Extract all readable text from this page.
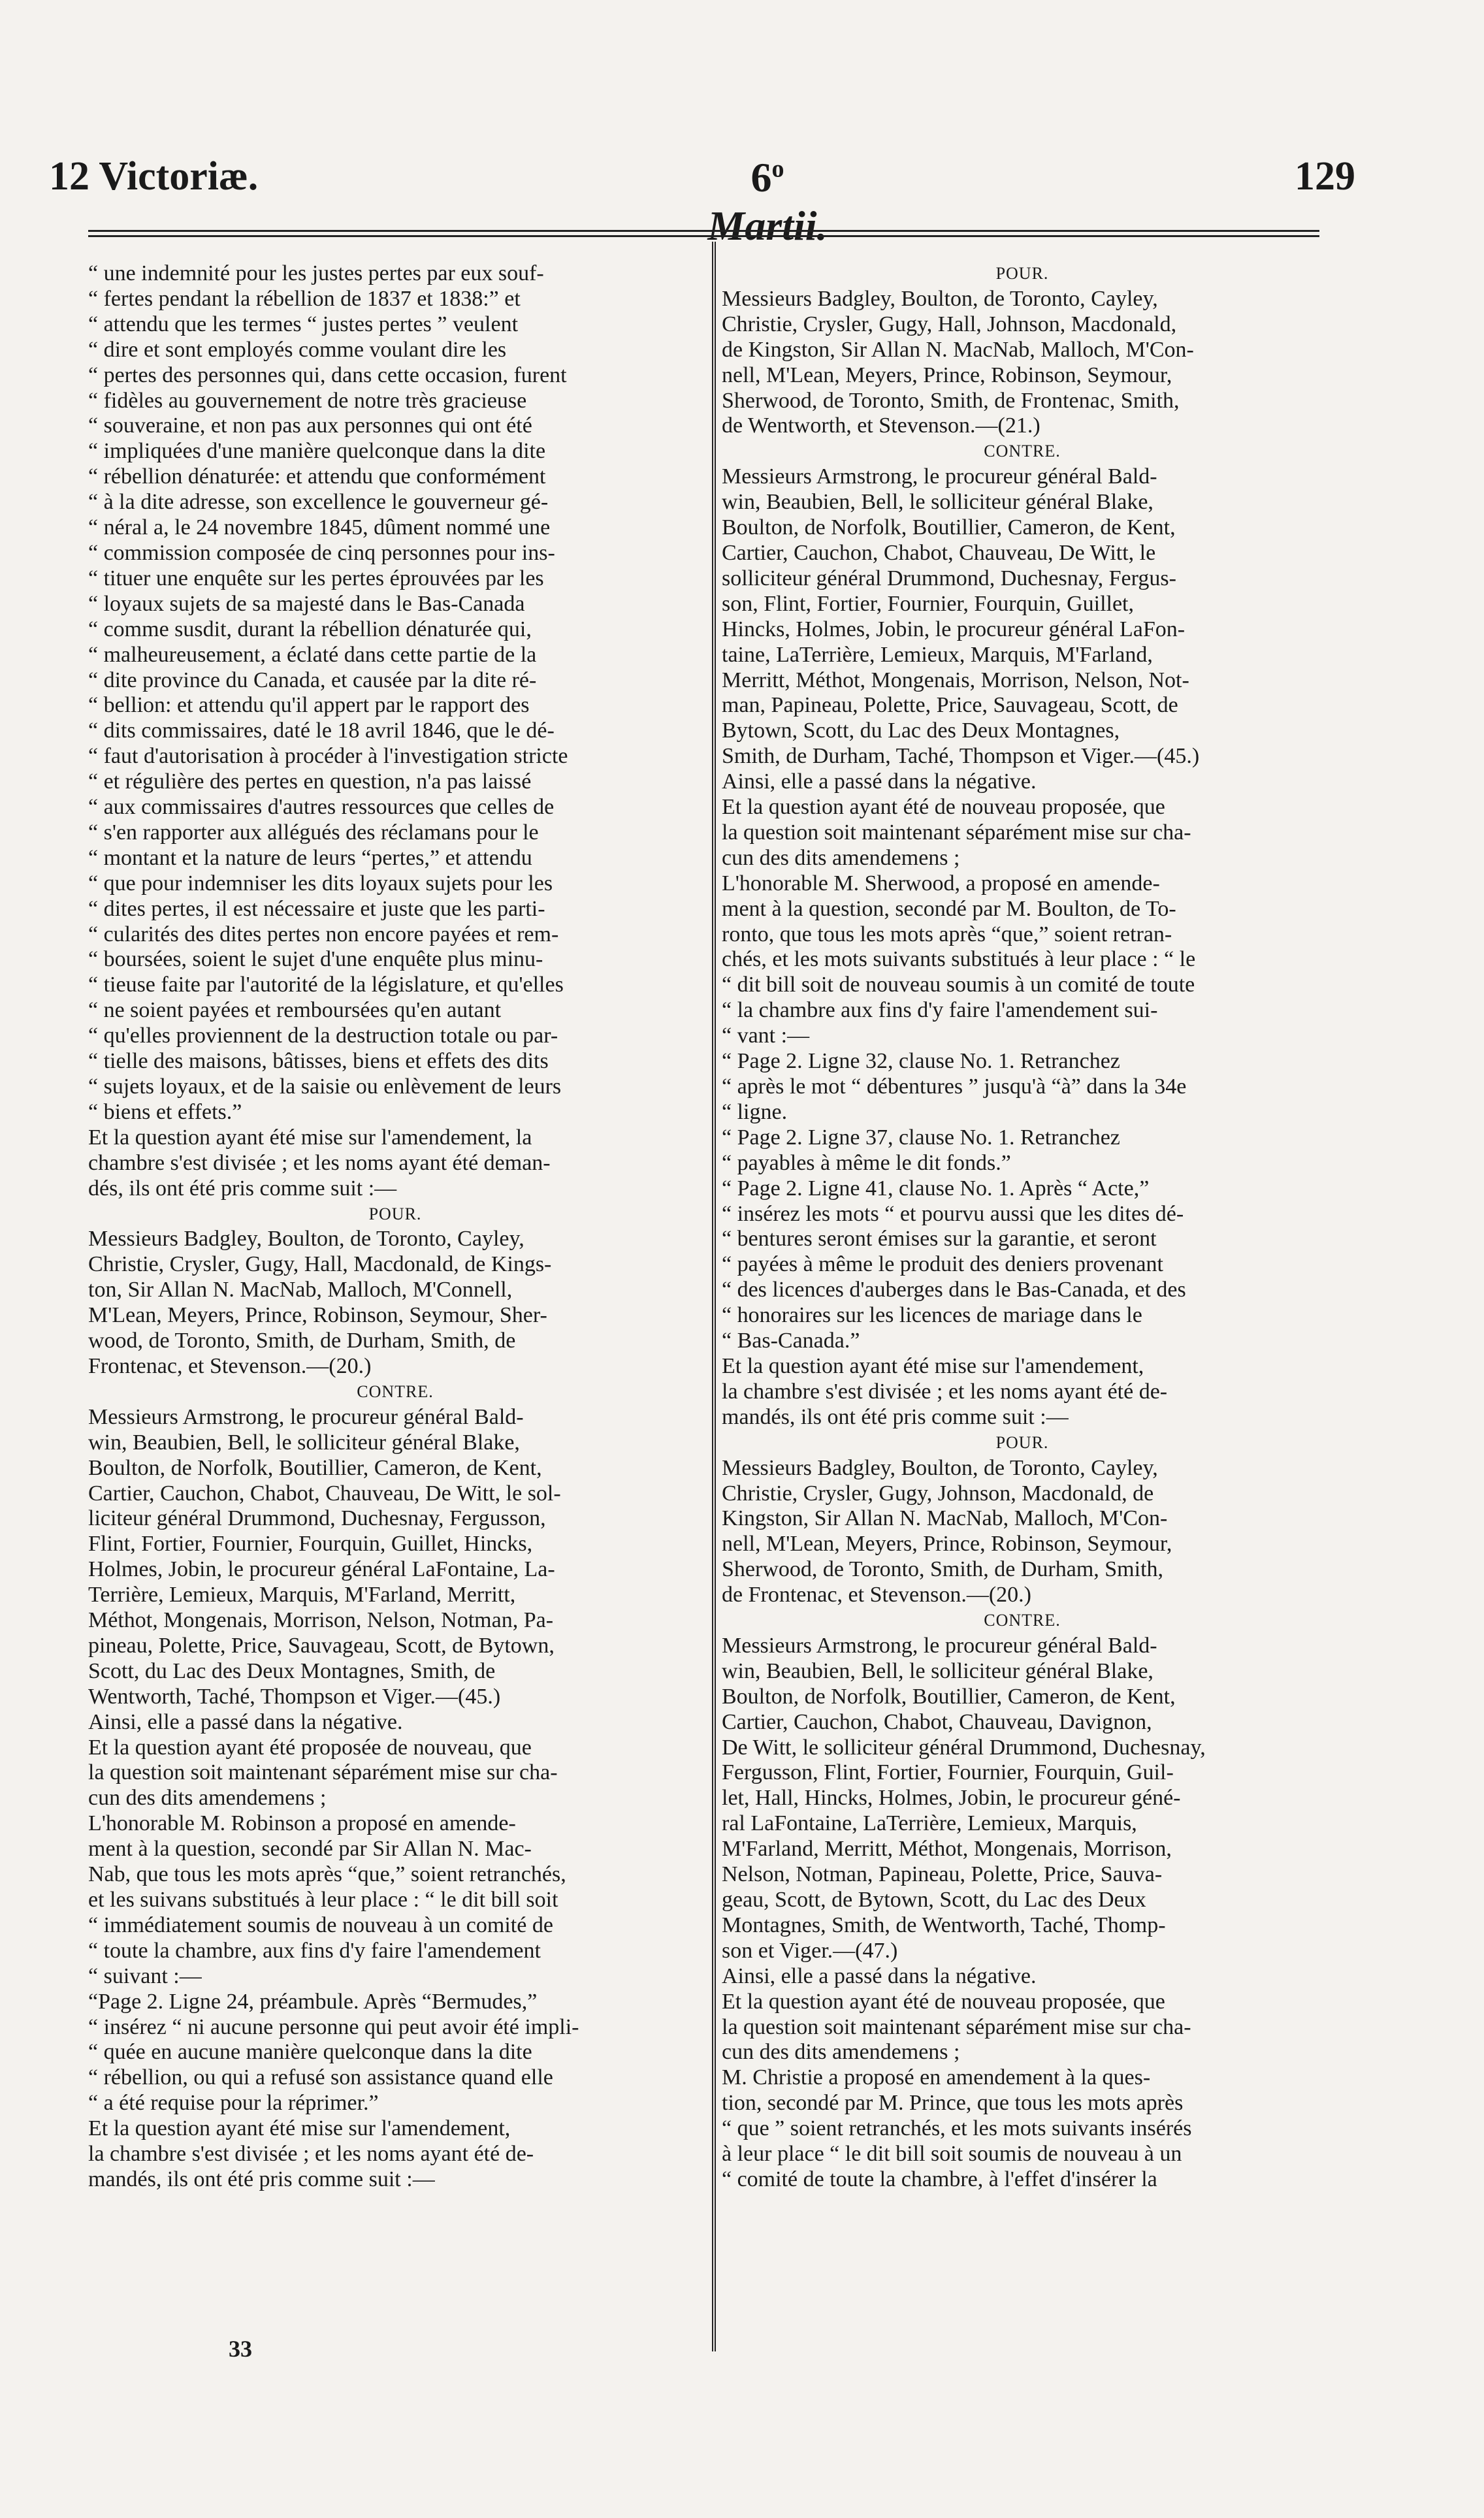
12 Victoriæ.	6$^o$ Martii.
129

“ une indemnité pour les justes pertes par eux souf-

“ fertes pendant la rébellion de 1837 et 1838:” et

“ attendu que les termes “ justes pertes ” veulent

“ dire et sont employés comme voulant dire les

“ pertes des personnes qui, dans cette occasion, furent

“ fidèles au gouvernement de notre très gracieuse

“ souveraine, et non pas aux personnes qui ont été

“ impliquées d'une manière quelconque dans la dite

“ rébellion dénaturée: et attendu que conformément

“ à la dite adresse, son excellence le gouverneur gé-

“ néral a, le 24 novembre 1845, dûment nommé une

“ commission composée de cinq personnes pour ins-

“ tituer une enquête sur les pertes éprouvées par les

“ loyaux sujets de sa majesté dans le Bas-Canada

“ comme susdit, durant la rébellion dénaturée qui,

“ malheureusement, a éclaté dans cette partie de la

“ dite province du Canada, et causée par la dite ré-

“ bellion: et attendu qu'il appert par le rapport des

“ dits commissaires, daté le 18 avril 1846, que le dé-

“ faut d'autorisation à procéder à l'investigation stricte

“ et régulière des pertes en question, n'a pas laissé

“ aux commissaires d'autres ressources que celles de

“ s'en rapporter aux allégués des réclamans pour le

“ montant et la nature de leurs “pertes,” et attendu

“ que pour indemniser les dits loyaux sujets pour les

“ dites pertes, il est nécessaire et juste que les parti-

“ cularités des dites pertes non encore payées et rem-

“ boursées, soient le sujet d'une enquête plus minu-

“ tieuse faite par l'autorité de la législature, et qu'elles

“ ne soient payées et remboursées qu'en autant

“ qu'elles proviennent de la destruction totale ou par-

“ tielle des maisons, bâtisses, biens et effets des dits

“ sujets loyaux, et de la saisie ou enlèvement de leurs

“ biens et effets.”

Et la question ayant été mise sur l'amendement, la

chambre s'est divisée ; et les noms ayant été deman-

dés, ils ont été pris comme suit :—

POUR.

Messieurs Badgley, Boulton, de Toronto, Cayley,

Christie, Crysler, Gugy, Hall, Macdonald, de Kings-

ton, Sir Allan N. MacNab, Malloch, M'Connell,

M'Lean, Meyers, Prince, Robinson, Seymour, Sher-

wood, de Toronto, Smith, de Durham, Smith, de

Frontenac, et Stevenson.—(20.)

CONTRE.

Messieurs Armstrong, le procureur général Bald-

win, Beaubien, Bell, le solliciteur général Blake,

Boulton, de Norfolk, Boutillier, Cameron, de Kent,

Cartier, Cauchon, Chabot, Chauveau, De Witt, le sol-

liciteur général Drummond, Duchesnay, Fergusson,

Flint, Fortier, Fournier, Fourquin, Guillet, Hincks,

Holmes, Jobin, le procureur général LaFontaine, La-

Terrière, Lemieux, Marquis, M'Farland, Merritt,

Méthot, Mongenais, Morrison, Nelson, Notman, Pa-

pineau, Polette, Price, Sauvageau, Scott, de Bytown,

Scott, du Lac des Deux Montagnes, Smith, de

Wentworth, Taché, Thompson et Viger.—(45.)

Ainsi, elle a passé dans la négative.

Et la question ayant été proposée de nouveau, que

la question soit maintenant séparément mise sur cha-

cun des dits amendemens ;

L'honorable M. Robinson a proposé en amende-

ment à la question, secondé par Sir Allan N. Mac-

Nab, que tous les mots après “que,” soient retranchés,

et les suivans substitués à leur place : “ le dit bill soit

“ immédiatement soumis de nouveau à un comité de

“ toute la chambre, aux fins d'y faire l'amendement

“ suivant :—

“Page 2. Ligne 24, préambule. Après “Bermudes,”

“ insérez “ ni aucune personne qui peut avoir été impli-

“ quée en aucune manière quelconque dans la dite

“ rébellion, ou qui a refusé son assistance quand elle

“ a été requise pour la réprimer.”

Et la question ayant été mise sur l'amendement,

la chambre s'est divisée ; et les noms ayant été de-

mandés, ils ont été pris comme suit :—

POUR.

Messieurs Badgley, Boulton, de Toronto, Cayley,

Christie, Crysler, Gugy, Hall, Johnson, Macdonald,

de Kingston, Sir Allan N. MacNab, Malloch, M'Con-

nell, M'Lean, Meyers, Prince, Robinson, Seymour,

Sherwood, de Toronto, Smith, de Frontenac, Smith,

de Wentworth, et Stevenson.—(21.)

CONTRE.

Messieurs Armstrong, le procureur général Bald-

win, Beaubien, Bell, le solliciteur général Blake,

Boulton, de Norfolk, Boutillier, Cameron, de Kent,

Cartier, Cauchon, Chabot, Chauveau, De Witt, le

solliciteur général Drummond, Duchesnay, Fergus-

son, Flint, Fortier, Fournier, Fourquin, Guillet,

Hincks, Holmes, Jobin, le procureur général LaFon-

taine, LaTerrière, Lemieux, Marquis, M'Farland,

Merritt, Méthot, Mongenais, Morrison, Nelson, Not-

man, Papineau, Polette, Price, Sauvageau, Scott, de

Bytown, Scott, du Lac des Deux Montagnes,

Smith, de Durham, Taché, Thompson et Viger.—(45.)

Ainsi, elle a passé dans la négative.

Et la question ayant été de nouveau proposée, que

la question soit maintenant séparément mise sur cha-

cun des dits amendemens ;

L'honorable M. Sherwood, a proposé en amende-

ment à la question, secondé par M. Boulton, de To-

ronto, que tous les mots après “que,” soient retran-

chés, et les mots suivants substitués à leur place : “ le

“ dit bill soit de nouveau soumis à un comité de toute

“ la chambre aux fins d'y faire l'amendement sui-

“ vant :—

“ Page 2. Ligne 32, clause No. 1. Retranchez

“ après le mot “ débentures ” jusqu'à “à” dans la 34e

“ ligne.

“ Page 2. Ligne 37, clause No. 1. Retranchez

“ payables à même le dit fonds.”

“ Page 2. Ligne 41, clause No. 1. Après “ Acte,”

“ insérez les mots “ et pourvu aussi que les dites dé-

“ bentures seront émises sur la garantie, et seront

“ payées à même le produit des deniers provenant

“ des licences d'auberges dans le Bas-Canada, et des

“ honoraires sur les licences de mariage dans le

“ Bas-Canada.”

Et la question ayant été mise sur l'amendement,

la chambre s'est divisée ; et les noms ayant été de-

mandés, ils ont été pris comme suit :—

POUR.

Messieurs Badgley, Boulton, de Toronto, Cayley,

Christie, Crysler, Gugy, Johnson, Macdonald, de

Kingston, Sir Allan N. MacNab, Malloch, M'Con-

nell, M'Lean, Meyers, Prince, Robinson, Seymour,

Sherwood, de Toronto, Smith, de Durham, Smith,

de Frontenac, et Stevenson.—(20.)

CONTRE.

Messieurs Armstrong, le procureur général Bald-

win, Beaubien, Bell, le solliciteur général Blake,

Boulton, de Norfolk, Boutillier, Cameron, de Kent,

Cartier, Cauchon, Chabot, Chauveau, Davignon,

De Witt, le solliciteur général Drummond, Duchesnay,

Fergusson, Flint, Fortier, Fournier, Fourquin, Guil-

let, Hall, Hincks, Holmes, Jobin, le procureur géné-

ral LaFontaine, LaTerrière, Lemieux, Marquis,

M'Farland, Merritt, Méthot, Mongenais, Morrison,

Nelson, Notman, Papineau, Polette, Price, Sauva-

geau, Scott, de Bytown, Scott, du Lac des Deux

Montagnes, Smith, de Wentworth, Taché, Thomp-

son et Viger.—(47.)

Ainsi, elle a passé dans la négative.

Et la question ayant été de nouveau proposée, que

la question soit maintenant séparément mise sur cha-

cun des dits amendemens ;

M. Christie a proposé en amendement à la ques-

tion, secondé par M. Prince, que tous les mots après

“ que ” soient retranchés, et les mots suivants insérés

à leur place “ le dit bill soit soumis de nouveau à un

“ comité de toute la chambre, à l'effet d'insérer la

33
